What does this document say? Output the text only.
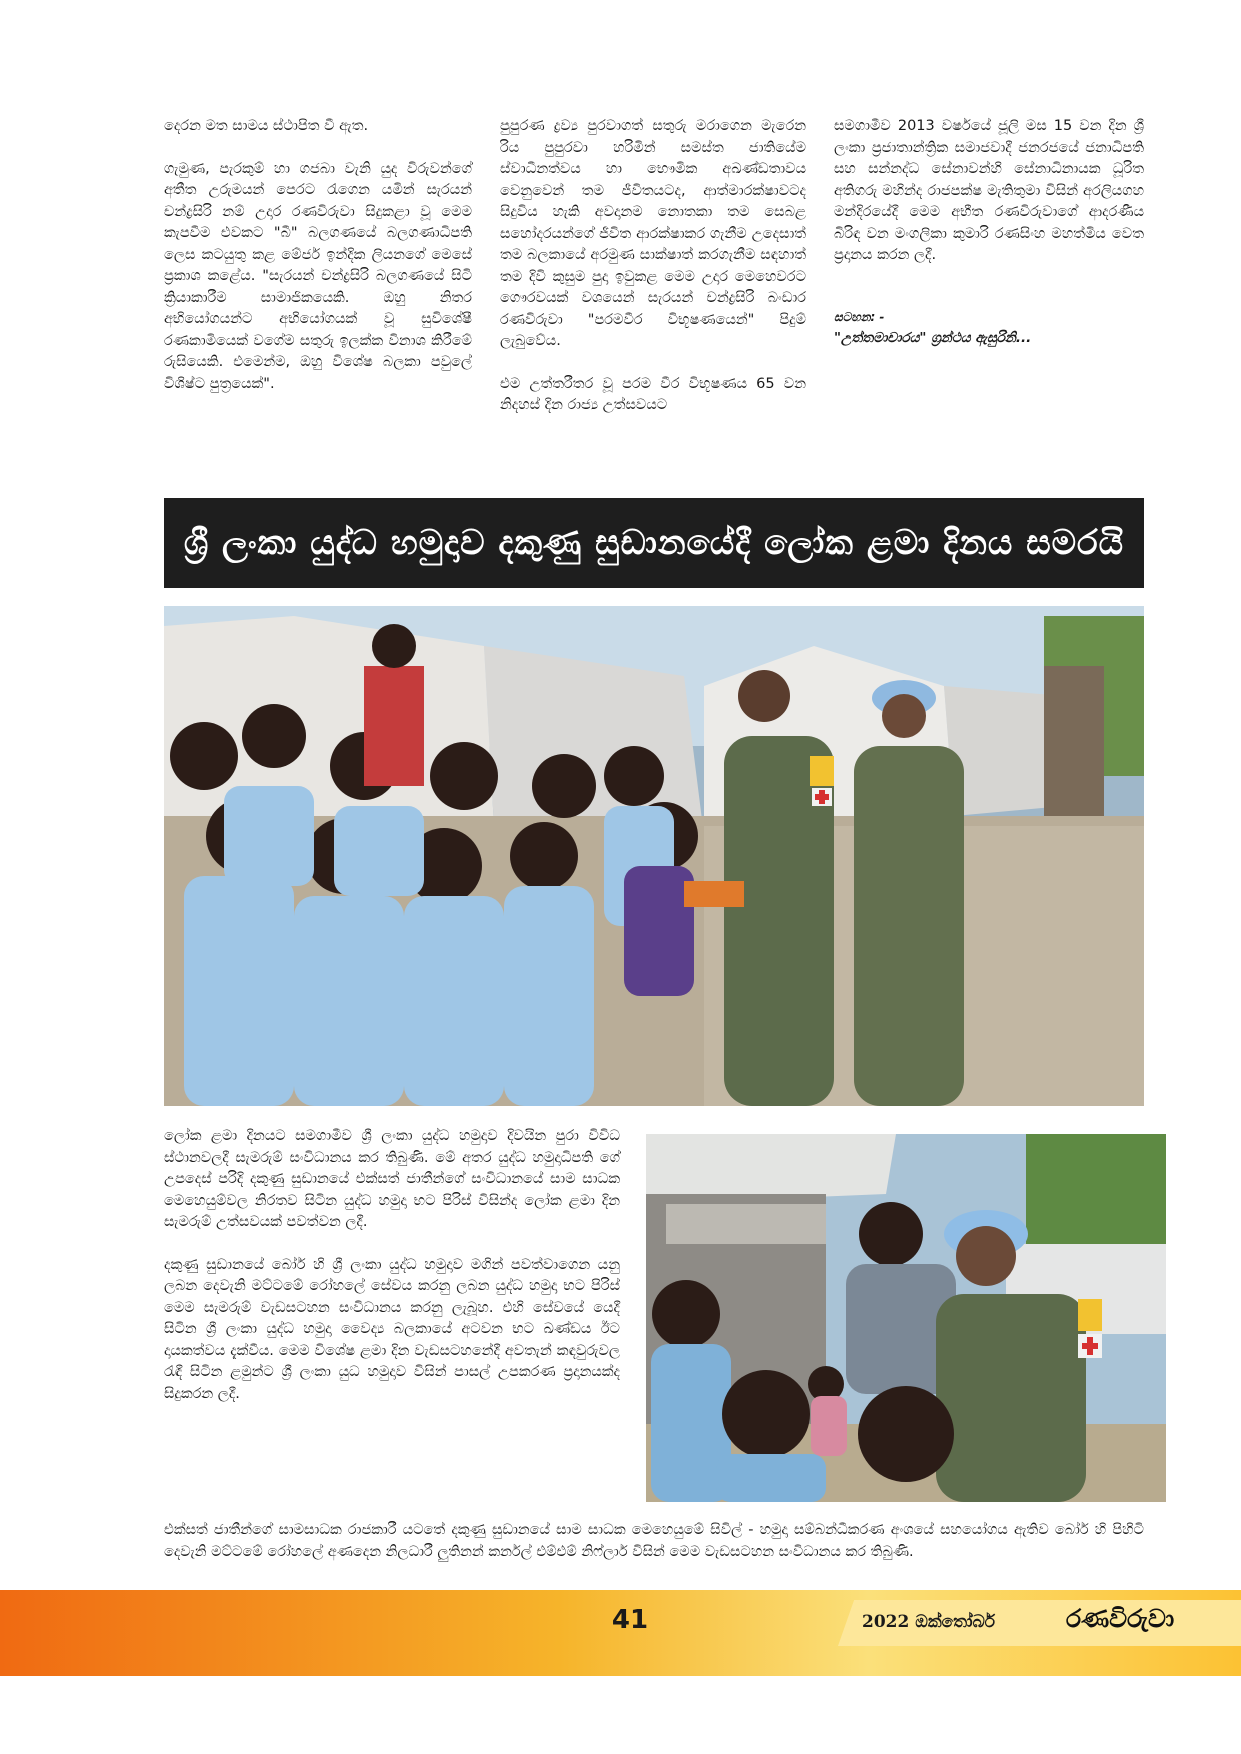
දෙරන මත සාමය ස්ථාපිත වී ඇත.

ගැමුණ, පැරකුම් හා ගජබා වැනි යුද විරුවන්ගේ අතීත උරුමයන් පෙරට රැගෙන යමින් සැරයන් චන්ද්‍රසිරි නම් උදාර රණවිරුවා සිදුකළා වූ මෙම කැපවීම එවකට "බී" බලගණයේ බලගණාධිපති ලෙස කටයුතු කළ මේජර් ඉන්දික ලියනගේ මෙසේ ප්‍රකාශ කළේය. "සැරයන් චන්ද්‍රසිරි බලගණයේ සිටි ක්‍රියාකාරීම සාමාජිකයෙකි. ඔහු නිතර අභියෝගයන්ට අභියෝගයක් වූ සුවිශේෂී රණකාමියෙක් වගේම සතුරු ඉලක්ක විනාශ කිරීමේ රුසියෙකි. එමෙන්ම, ඔහු විශේෂ බලකා පවුලේ විශිෂ්ට පුත්‍රයෙක්".

පුපුරණ ද්‍රව්‍ය පුරවාගත් සතුරු මරාගෙන මැරෙන රිය පුපුරවා හරිමින් සමස්ත ජාතියේම ස්වාධීනත්වය හා භෞමික අඛණ්ඩතාවය වෙනුවෙන් තම ජීවිතයටද, ආත්මාරක්ෂාවටද සිදුවිය හැකි අවදානම නොතකා තම සෙබළ සහෝදරයන්ගේ ජීවිත ආරක්ෂාකර ගැනීම උදෙසාත් තම බලකායේ අරමුණ සාක්ෂාත් කරගැනීම සඳහාත් තම දිවි කුසුම පුදා ඉවුකළ මෙම උදාර මෙහෙවරට ගෞරවයක් වශයෙන් සැරයන් චන්ද්‍රසිරි බංඩාර රණවිරුවා "පරමවීර විභූෂණයෙන්" පිදුම් ලැබුවේය.

එම උත්තරීතර වූ පරම වීර විභූෂණය 65 වන නිදහස් දින රාජ්‍ය උත්සවයට

සමගාමීව 2013 වර්ෂයේ ජූලි මස 15 වන දින ශ්‍රී ලංකා ප්‍රජාතාන්ත්‍රික සමාජවාදී ජනරජයේ ජනාධිපති සහ සන්නද්ධ සේනාවන්හි සේනාධිනායක ධූරිත අතිගරු මහින්ද රාජපක්ෂ මැතිතුමා විසින් අරලියගහ මන්දිරයේදී මෙම අභීත රණවිරුවාගේ ආදරණීය බිරිඳ වන මංගලිකා කුමාරි රණසිංහ මහත්මිය වෙත ප්‍රදානය කරන ලදී.

සටහන: -
"උත්තමාචාරය" ග්‍රන්ථය ඇසුරිනි...
ශ්‍රී ලංකා යුද්ධ හමුදාව දකුණු සුඩානයේදී ලෝක ළමා දිනය සමරයි

ලෝක ළමා දිනයට සමගාමීව ශ්‍රී ලංකා යුද්ධ හමුදාව දිවයින පුරා විවිධ ස්ථානවලදී සැමරුම් සංවිධානය කර තිබුණි. මේ අතර යුද්ධ හමුදාධිපති ගේ උපදෙස් පරිදි දකුණු සුඩානයේ එක්සත් ජාතීන්ගේ සංවිධානයේ සාම සාධක මෙහෙයුම්වල නිරතව සිටින යුද්ධ හමුදා භට පිරිස් විසින්ද ලෝක ළමා දින සැමරුම් උත්සවයක් පවත්වන ලදී.

දකුණු සුඩානයේ බෝර් හි ශ්‍රී ලංකා යුද්ධ හමුදාව මගින් පවත්වාගෙන යනු ලබන දෙවැනි මට්ටමේ රෝහලේ සේවය කරනු ලබන යුද්ධ හමුදා භට පිරිස් මෙම සැමරුම් වැඩසටහන සංවිධානය කරනු ලැබූහ. එහි සේවයේ යෙදී සිටින ශ්‍රී ලංකා යුද්ධ හමුදා වෛද්‍ය බලකායේ අටවන භට ඛණ්ඩය ඊට දායකත්වය දැක්වීය. මෙම විශේෂ ළමා දින වැඩසටහනේදී අවතැන් කඳවුරුවල රැඳී සිටින ළමුන්ට ශ්‍රී ලංකා යුධ හමුදාව විසින් පාසල් උපකරණ ප්‍රදානයක්ද සිදුකරන ලදී.

එක්සත් ජාතීන්ගේ සාමසාධක රාජකාරී යටතේ දකුණු සුඩානයේ සාම සාධක මෙහෙයුමේ සිවිල් - හමුදා සම්බන්ධීකරණ අංශයේ සහයෝගය ඇතිව බෝර් හි පිහිටි දෙවැනි මට්ටමේ රෝහලේ අණදෙන නිලධාරී ලුතිනන් කර්නල් එම්එම් නිෆ්ලාර් විසින් මෙම වැඩසටහන සංවිධානය කර තිබුණි.

41	2022 ඔක්තෝබර්	රණවිරුවා
